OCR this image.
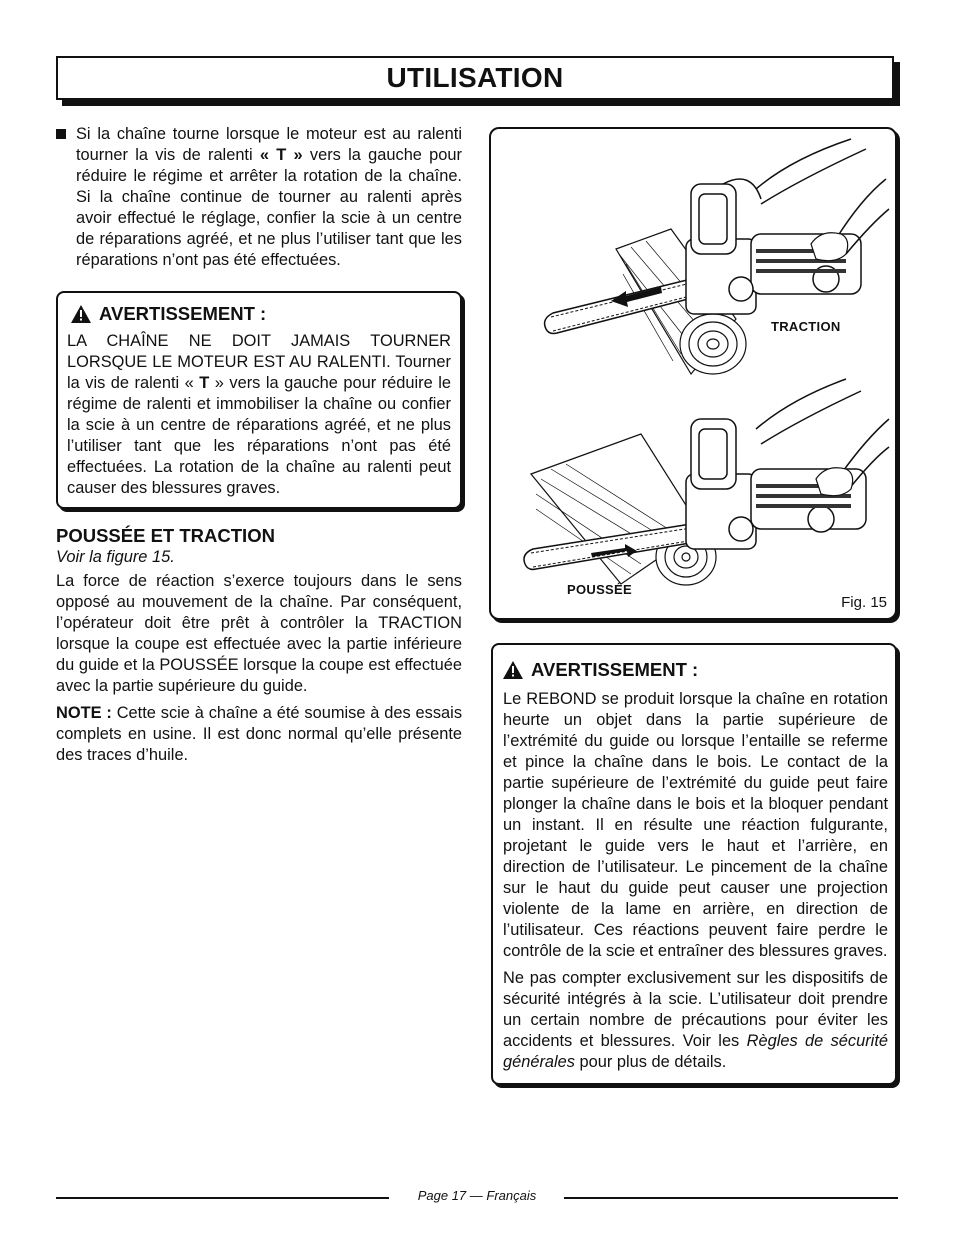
UTILISATION
Si la chaîne tourne lorsque le moteur est au ralenti tourner la vis de ralenti « T » vers la gauche pour réduire le régime et arrêter la rotation de la chaîne. Si la chaîne continue de tourner au ralenti après avoir effectué le réglage, confier la scie à un centre de réparations agréé, et ne plus l’utiliser tant que les réparations n’ont pas été effectuées.
AVERTISSEMENT :
LA CHAÎNE NE DOIT JAMAIS TOURNER LORSQUE LE MOTEUR EST AU RALENTI. Tourner la vis de ralenti « T » vers la gauche pour réduire le régime de ralenti et immobiliser la chaîne ou confier la scie à un centre de réparations agréé, et ne plus l’utiliser tant que les réparations n’ont pas été effectuées. La rotation de la chaîne au ralenti peut causer des blessures graves.
POUSSÉE ET TRACTION
Voir la figure 15.

La force de réaction s’exerce toujours dans le sens opposé au mouvement de la chaîne. Par conséquent, l’opérateur doit être prêt à contrôler la TRACTION lorsque la coupe est effectuée avec la partie inférieure du guide et la POUSSÉE lorsque la coupe est effectuée avec la partie supérieure du guide.

NOTE : Cette scie à chaîne a été soumise à des essais complets en usine. Il est donc normal qu’elle présente des traces d’huile.

TRACTION
POUSSÉE
Fig. 15
AVERTISSEMENT :

Le REBOND se produit lorsque la chaîne en rotation heurte un objet dans la partie supérieure de l’extrémité du guide ou lorsque l’entaille se referme et pince la chaîne dans le bois. Le contact de la partie supérieure de l’extrémité du guide peut faire plonger la chaîne dans le bois et la bloquer pendant un instant. Il en résulte une réaction fulgurante, projetant le guide vers le haut et l’arrière, en direction de l’utilisateur. Le pincement de la chaîne sur le haut du guide peut causer une projection violente de la lame en arrière, en direction de l’utilisateur. Ces réactions peuvent faire perdre le contrôle de la scie et entraîner des blessures graves.

Ne pas compter exclusivement sur les dispositifs de sécurité intégrés à la scie. L’utilisateur doit prendre un certain nombre de précautions pour éviter les accidents et blessures. Voir les Règles de sécurité générales pour plus de détails.

Page 17 — Français
